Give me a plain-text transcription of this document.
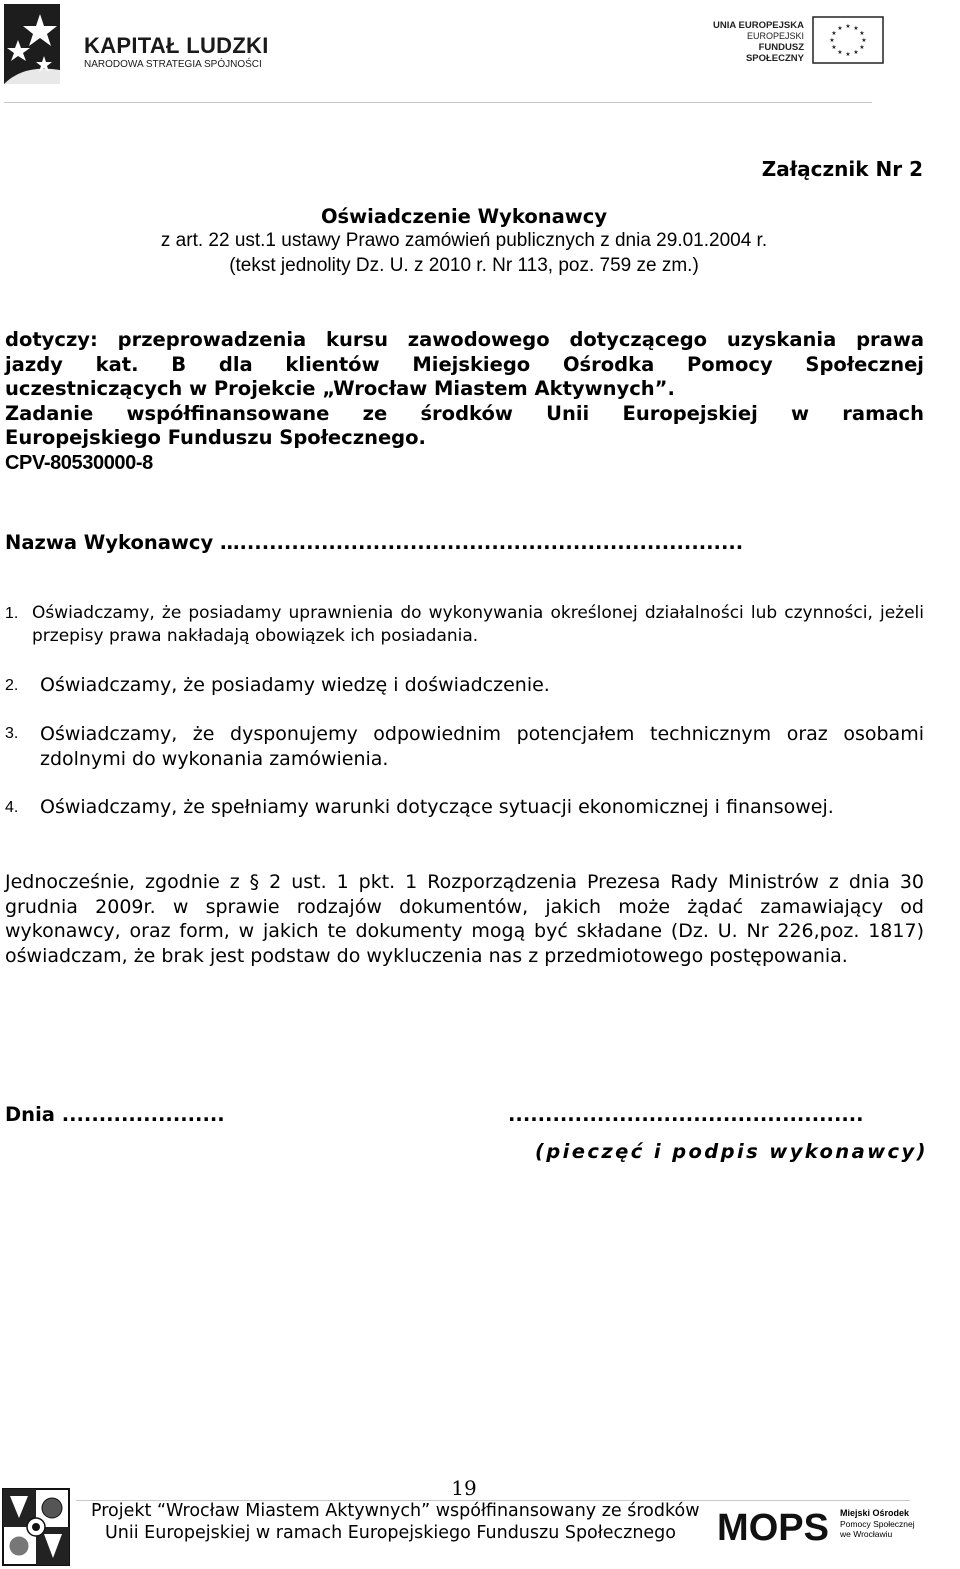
KAPITAŁ LUDZKI
NARODOWA STRATEGIA SPÓJNOŚCI
UNIA EUROPEJSKA
EUROPEJSKI
FUNDUSZ SPOŁECZNY
★ ★
★
★
★
★
★
★
★
★
★
★
Załącznik Nr 2
Oświadczenie Wykonawcy
z art. 22 ust.1 ustawy Prawo zamówień publicznych z dnia 29.01.2004 r.
(tekst jednolity Dz. U. z 2010 r. Nr 113, poz. 759 ze zm.)
dotyczy: przeprowadzenia kursu zawodowego dotyczącego uzyskania prawa
jazdy kat. B dla klientów Miejskiego Ośrodka Pomocy Społecznej
uczestniczących w Projekcie „Wrocław Miastem Aktywnych”.
Zadanie współfinansowane ze środków Unii Europejskiej w ramach
Europejskiego Funduszu Społecznego.
CPV-80530000-8
Nazwa Wykonawcy …....................................................................
1. Oświadczamy, że posiadamy uprawnienia do wykonywania określonej działalności lub czynności, jeżeli przepisy prawa nakładają obowiązek ich posiadania.
2. Oświadczamy, że posiadamy wiedzę i doświadczenie.
3. Oświadczamy, że dysponujemy odpowiednim potencjałem technicznym oraz osobami zdolnymi do wykonania zamówienia.
4. Oświadczamy, że spełniamy warunki dotyczące sytuacji ekonomicznej i finansowej.
Jednocześnie, zgodnie z § 2 ust. 1 pkt. 1 Rozporządzenia Prezesa Rady Ministrów z dnia 30 grudnia 2009r. w sprawie rodzajów dokumentów, jakich może żądać zamawiający od wykonawcy, oraz form, w jakich te dokumenty mogą być składane (Dz. U. Nr 226,poz. 1817) oświadczam, że brak jest podstaw do wykluczenia nas z przedmiotowego postępowania.
Dnia ......................	................................................
(pieczęć i podpis wykonawcy)
19
Projekt “Wrocław Miastem Aktywnych” współfinansowany ze środków
Unii Europejskiej w ramach Europejskiego Funduszu Społecznego	MOPS Miejski Ośrodek
Pomocy Społecznej
we Wrocławiu
